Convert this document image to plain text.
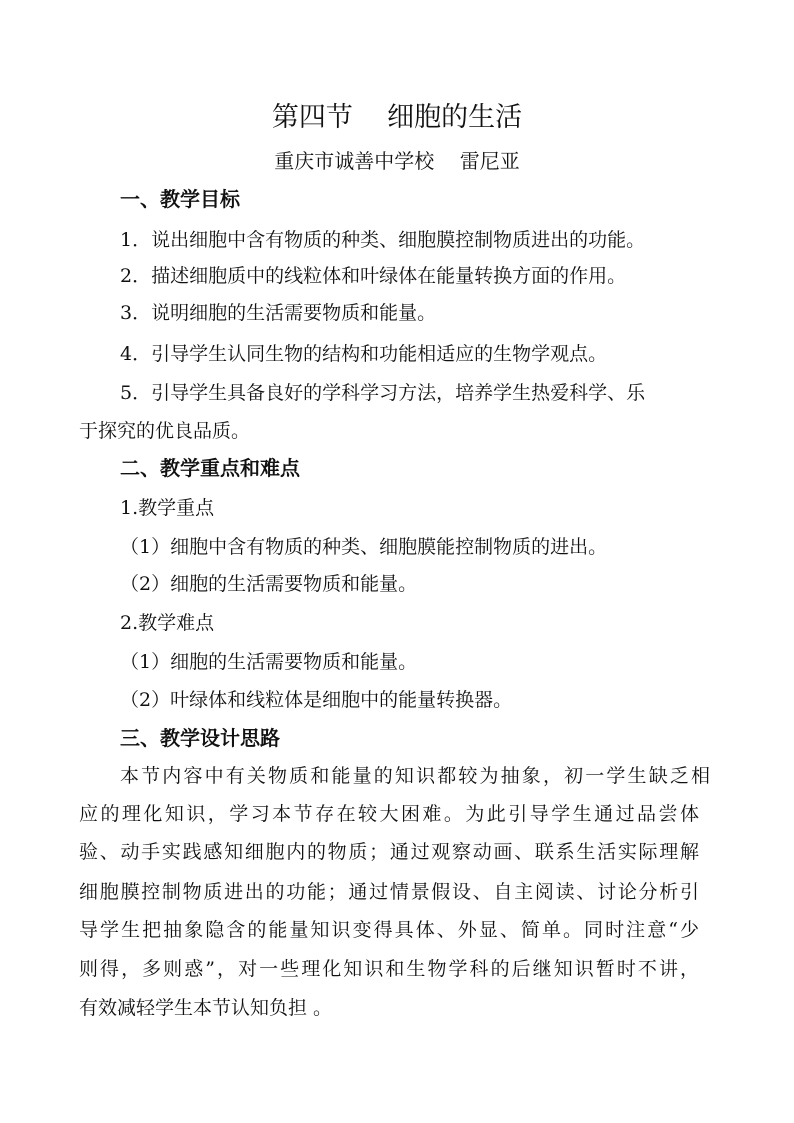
第四节    细胞的生活
重庆市诚善中学校    雷尼亚
一、教学目标
1．说出细胞中含有物质的种类、细胞膜控制物质进出的功能。
2．描述细胞质中的线粒体和叶绿体在能量转换方面的作用。
3．说明细胞的生活需要物质和能量。
4．引导学生认同生物的结构和功能相适应的生物学观点。
5．引导学生具备良好的学科学习方法，培养学生热爱科学、乐
于探究的优良品质。
二、教学重点和难点
1.教学重点
（1）细胞中含有物质的种类、细胞膜能控制物质的进出。
（2）细胞的生活需要物质和能量。
2.教学难点
（1）细胞的生活需要物质和能量。
（2）叶绿体和线粒体是细胞中的能量转换器。
三、教学设计思路
本节内容中有关物质和能量的知识都较为抽象，初一学生缺乏相
应的理化知识，学习本节存在较大困难。为此引导学生通过品尝体
验、动手实践感知细胞内的物质；通过观察动画、联系生活实际理解
细胞膜控制物质进出的功能；通过情景假设、自主阅读、讨论分析引
导学生把抽象隐含的能量知识变得具体、外显、简单。同时注意“少
则得，多则惑”，对一些理化知识和生物学科的后继知识暂时不讲，
有效减轻学生本节认知负担 。
